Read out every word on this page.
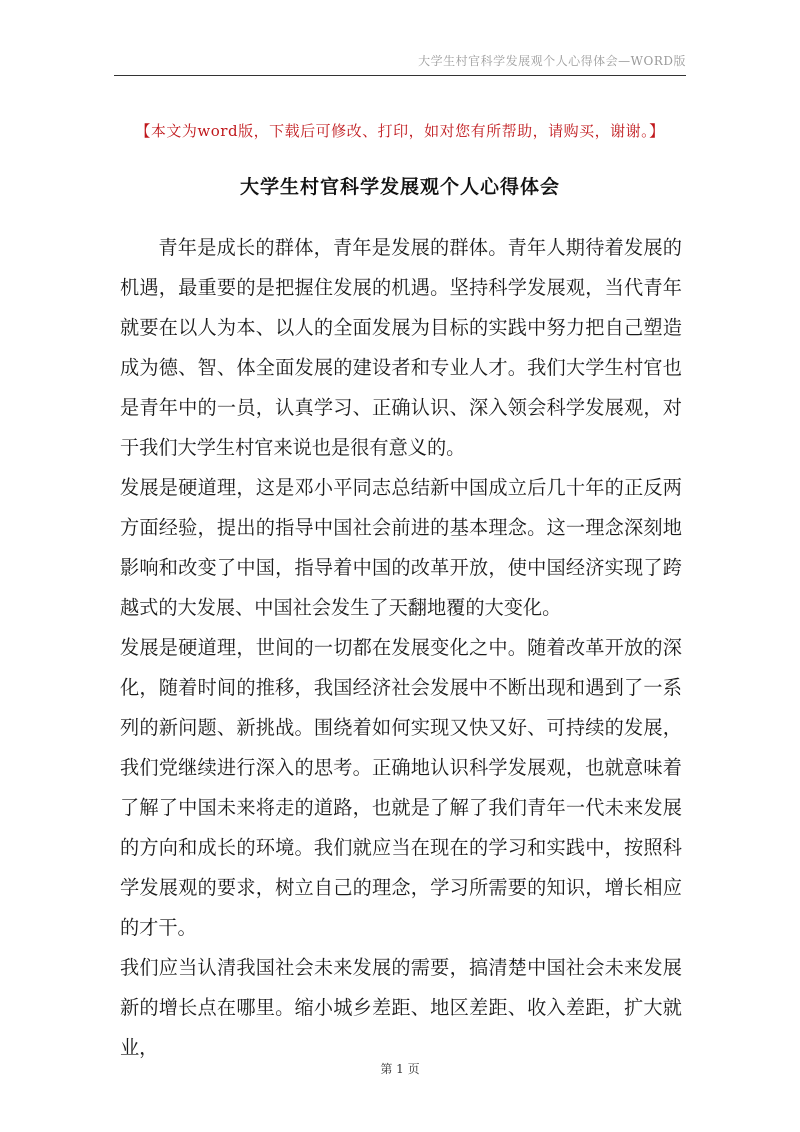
大学生村官科学发展观个人心得体会—WORD版
【本文为word版，下载后可修改、打印，如对您有所帮助，请购买，谢谢。】
大学生村官科学发展观个人心得体会

青年是成长的群体，青年是发展的群体。青年人期待着发展的机遇，最重要的是把握住发展的机遇。坚持科学发展观，当代青年就要在以人为本、以人的全面发展为目标的实践中努力把自己塑造成为德、智、体全面发展的建设者和专业人才。我们大学生村官也是青年中的一员，认真学习、正确认识、深入领会科学发展观，对于我们大学生村官来说也是很有意义的。

发展是硬道理，这是邓小平同志总结新中国成立后几十年的正反两方面经验，提出的指导中国社会前进的基本理念。这一理念深刻地影响和改变了中国，指导着中国的改革开放，使中国经济实现了跨越式的大发展、中国社会发生了天翻地覆的大变化。

发展是硬道理，世间的一切都在发展变化之中。随着改革开放的深化，随着时间的推移，我国经济社会发展中不断出现和遇到了一系列的新问题、新挑战。围绕着如何实现又快又好、可持续的发展，我们党继续进行深入的思考。正确地认识科学发展观，也就意味着了解了中国未来将走的道路，也就是了解了我们青年一代未来发展的方向和成长的环境。我们就应当在现在的学习和实践中，按照科学发展观的要求，树立自己的理念，学习所需要的知识，增长相应的才干。

我们应当认清我国社会未来发展的需要，搞清楚中国社会未来发展新的增长点在哪里。缩小城乡差距、地区差距、收入差距，扩大就业，

第 1 页
